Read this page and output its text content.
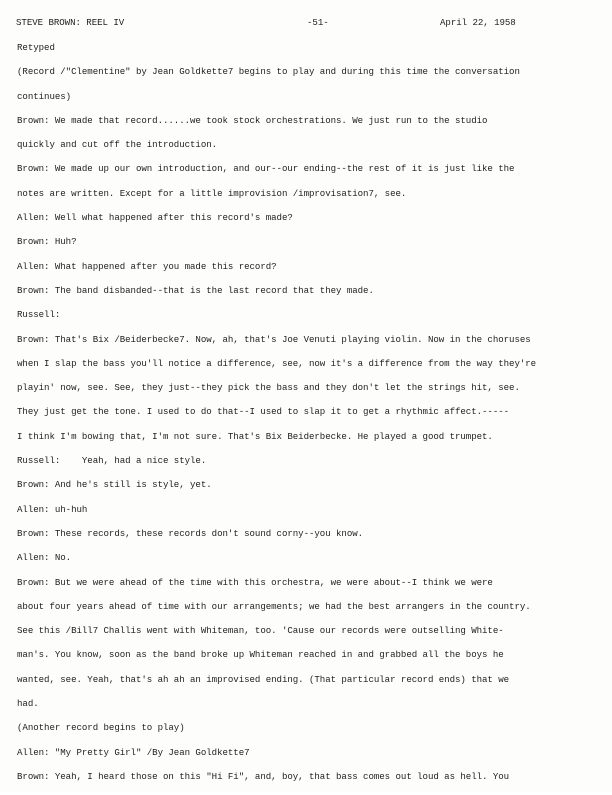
STEVE BROWN: REEL IV	-51-	April 22, 1958
Retyped
(Record /"Clementine" by Jean Goldkette7 begins to play and during this time the conversation
continues)
Brown: We made that record......we took stock orchestrations. We just run to the studio
quickly and cut off the introduction.
Brown: We made up our own introduction, and our--our ending--the rest of it is just like the
notes are written. Except for a little improvision /improvisation7, see.
Allen: Well what happened after this record's made?
Brown: Huh?
Allen: What happened after you made this record?
Brown: The band disbanded--that is the last record that they made.
Russell:
Brown: That's Bix /Beiderbecke7. Now, ah, that's Joe Venuti playing violin. Now in the choruses
when I slap the bass you'll notice a difference, see, now it's a difference from the way they're
playin' now, see. See, they just--they pick the bass and they don't let the strings hit, see.
They just get the tone. I used to do that--I used to slap it to get a rhythmic affect.-----
I think I'm bowing that, I'm not sure. That's Bix Beiderbecke. He played a good trumpet.
Russell:    Yeah, had a nice style.
Brown: And he's still is style, yet.
Allen: uh-huh
Brown: These records, these records don't sound corny--you know.
Allen: No.
Brown: But we were ahead of the time with this orchestra, we were about--I think we were
about four years ahead of time with our arrangements; we had the best arrangers in the country.
See this /Bill7 Challis went with Whiteman, too. 'Cause our records were outselling White-
man's. You know, soon as the band broke up Whiteman reached in and grabbed all the boys he
wanted, see. Yeah, that's ah ah an improvised ending. (That particular record ends) that we
had.
(Another record begins to play)
Allen: "My Pretty Girl" /By Jean Goldkette7
Brown: Yeah, I heard those on this "Hi Fi", and, boy, that bass comes out loud as hell. You
